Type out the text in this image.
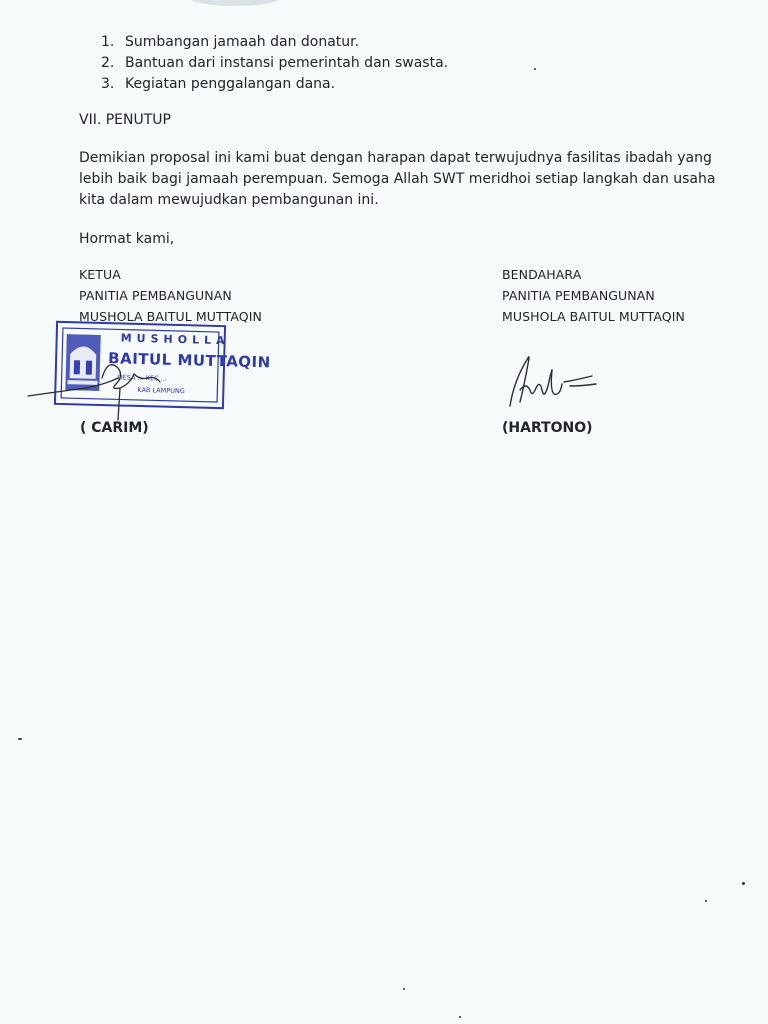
1. Sumbangan jamaah dan donatur.
2. Bantuan dari instansi pemerintah dan swasta.
3. Kegiatan penggalangan dana.
VII. PENUTUP
Demikian proposal ini kami buat dengan harapan dapat terwujudnya fasilitas ibadah yang
lebih baik bagi jamaah perempuan. Semoga Allah SWT meridhoi setiap langkah dan usaha
kita dalam mewujudkan pembangunan ini.
Hormat kami,
KETUA
PANITIA PEMBANGUNAN
MUSHOLA BAITUL MUTTAQIN
BENDAHARA
PANITIA PEMBANGUNAN
MUSHOLA BAITUL MUTTAQIN
MUSHOLLA
BAITUL MUTTAQIN
DESA ... KEC ...
KAB LAMPUNG
( CARIM)	(HARTONO)
